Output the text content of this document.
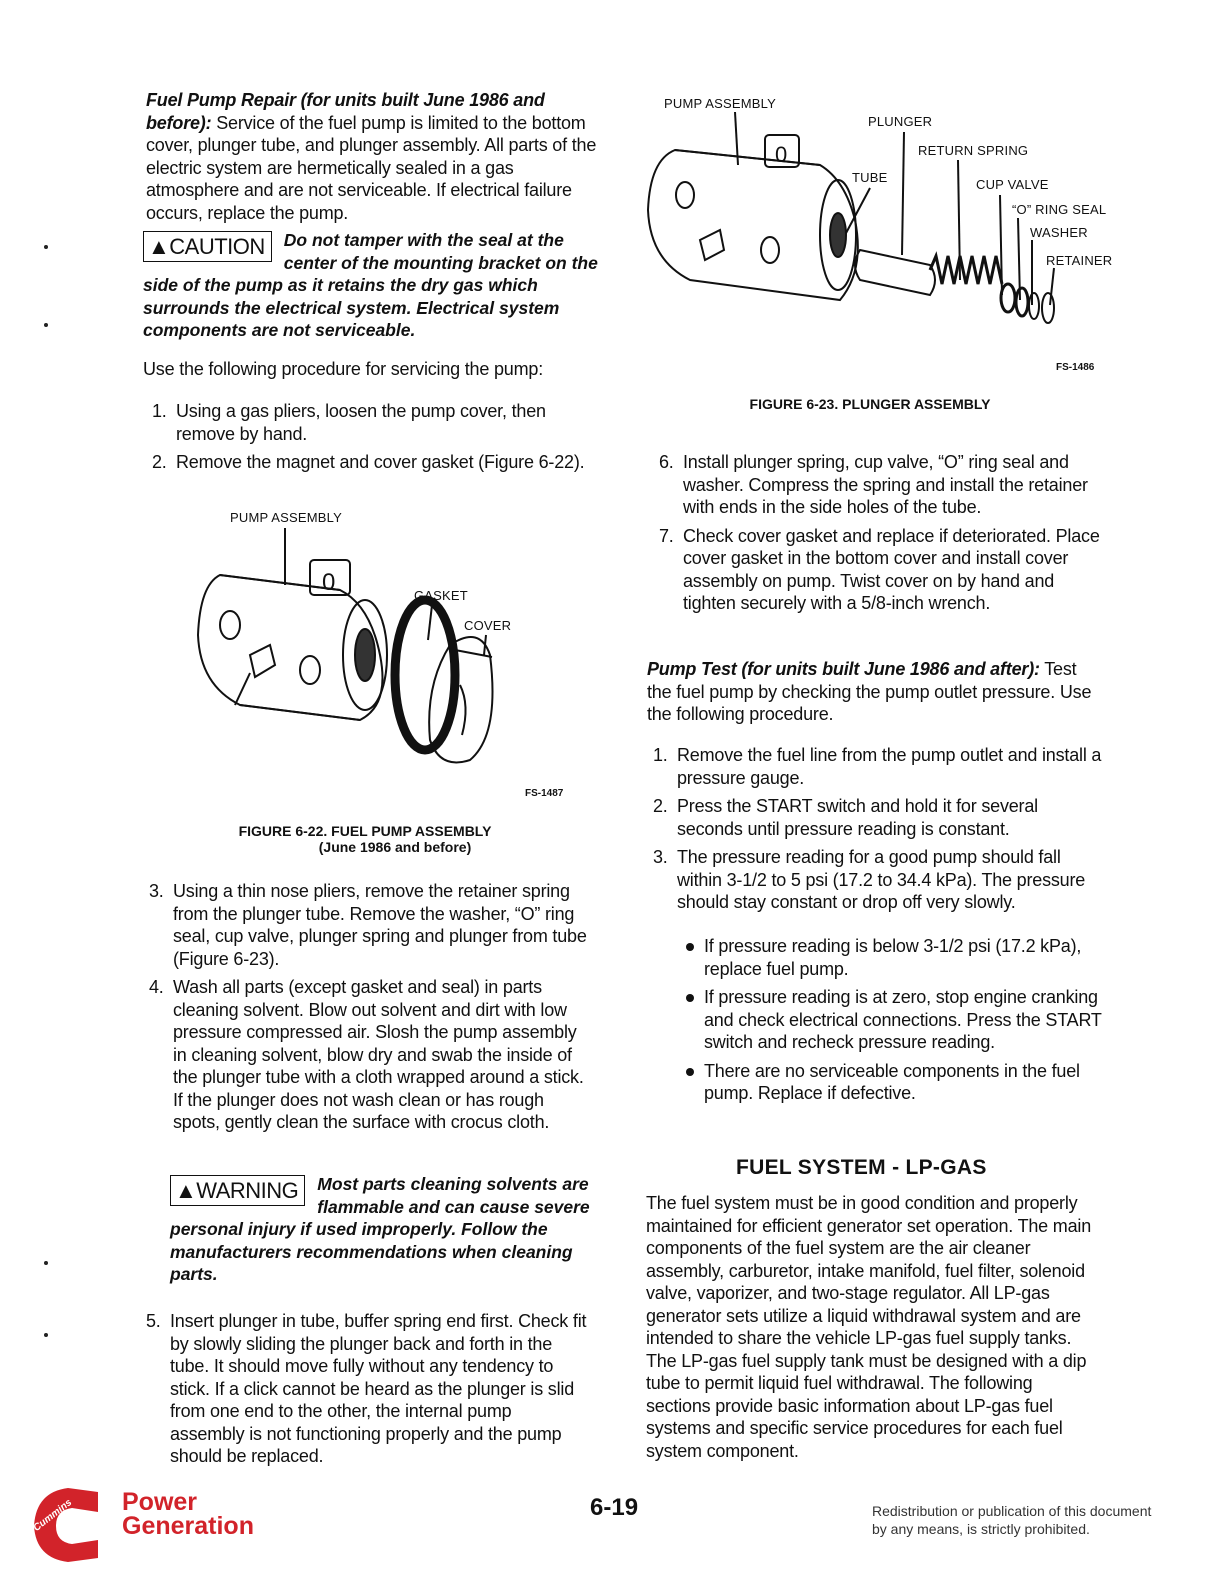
Fuel Pump Repair (for units built June 1986 and before): Service of the fuel pump is limited to the bottom cover, plunger tube, and plunger assembly. All parts of the electric system are hermetically sealed in a gas atmosphere and are not serviceable. If electrical failure occurs, replace the pump.
▲CAUTION	Do not tamper with the seal at the center of the mounting bracket on the side of the pump as it retains the dry gas which surrounds the electrical system. Electrical system components are not serviceable.
Use the following procedure for servicing the pump:
1. Using a gas pliers, loosen the pump cover, then remove by hand.
2. Remove the magnet and cover gasket (Figure 6-22).
PUMP ASSEMBLY
GASKET
COVER
0
FS-1487
FIGURE 6-22. FUEL PUMP ASSEMBLY
(June 1986 and before)
3. Using a thin nose pliers, remove the retainer spring from the plunger tube. Remove the washer, “O” ring seal, cup valve, plunger spring and plunger from tube (Figure 6-23).
4. Wash all parts (except gasket and seal) in parts cleaning solvent. Blow out solvent and dirt with low pressure compressed air. Slosh the pump assembly in cleaning solvent, blow dry and swab the inside of the plunger tube with a cloth wrapped around a stick. If the plunger does not wash clean or has rough spots, gently clean the surface with crocus cloth.
▲WARNING	Most parts cleaning solvents are flammable and can cause severe personal injury if used improperly. Follow the manufacturers recommendations when cleaning parts.
5. Insert plunger in tube, buffer spring end first. Check fit by slowly sliding the plunger back and forth in the tube. It should move fully without any tendency to stick. If a click cannot be heard as the plunger is slid from one end to the other, the internal pump assembly is not functioning properly and the pump should be replaced.
PUMP ASSEMBLY
PLUNGER
RETURN SPRING
TUBE	CUP VALVE
“O” RING SEAL
WASHER
RETAINER
0
FS-1486
FIGURE 6-23. PLUNGER ASSEMBLY
6. Install plunger spring, cup valve, “O” ring seal and washer. Compress the spring and install the retainer with ends in the side holes of the tube.
7. Check cover gasket and replace if deteriorated. Place cover gasket in the bottom cover and install cover assembly on pump. Twist cover on by hand and tighten securely with a 5/8-inch wrench.
Pump Test (for units built June 1986 and after): Test the fuel pump by checking the pump outlet pressure. Use the following procedure.
1. Remove the fuel line from the pump outlet and install a pressure gauge.
2. Press the START switch and hold it for several seconds until pressure reading is constant.
3. The pressure reading for a good pump should fall within 3-1/2 to 5 psi (17.2 to 34.4 kPa). The pressure should stay constant or drop off very slowly.
If pressure reading is below 3-1/2 psi (17.2 kPa), replace fuel pump.
If pressure reading is at zero, stop engine cranking and check electrical connections. Press the START switch and recheck pressure reading.
There are no serviceable components in the fuel pump. Replace if defective.
FUEL SYSTEM - LP-GAS
The fuel system must be in good condition and properly maintained for efficient generator set operation. The main components of the fuel system are the air cleaner assembly, carburetor, intake manifold, fuel filter, solenoid valve, vaporizer, and two-stage regulator. All LP-gas generator sets utilize a liquid withdrawal system and are intended to share the vehicle LP-gas fuel supply tanks. The LP-gas fuel supply tank must be designed with a dip tube to permit liquid fuel withdrawal. The following sections provide basic information about LP-gas fuel systems and specific service procedures for each fuel system component.
Cummins Power
Generation
6-19	Redistribution or publication of this document
by any means, is strictly prohibited.
